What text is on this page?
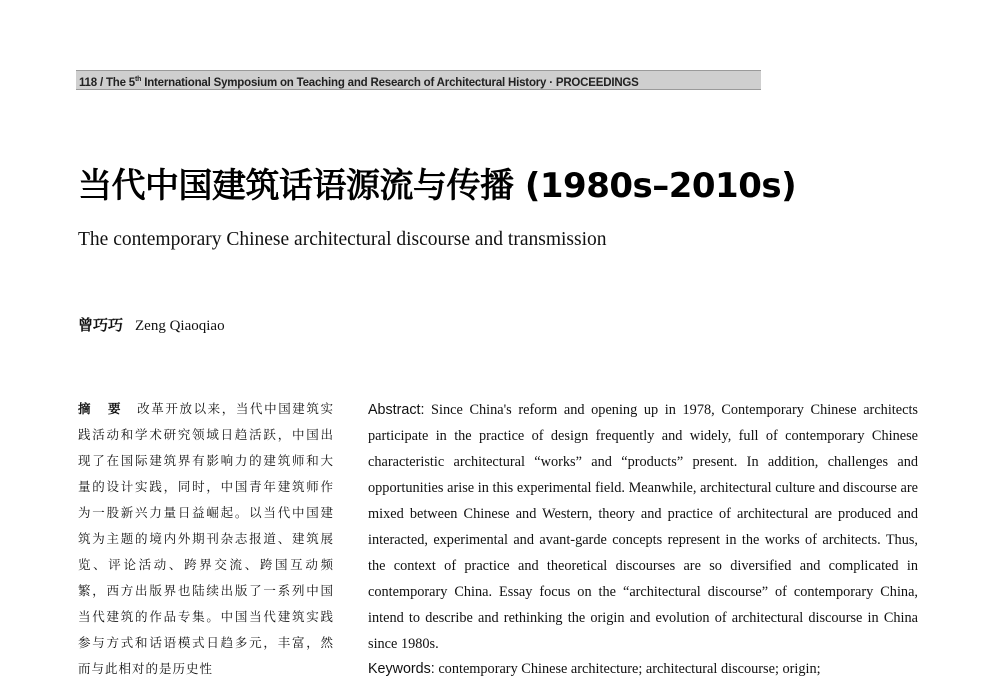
118 / The 5th International Symposium on Teaching and Research of Architectural History · PROCEEDINGS
当代中国建筑话语源流与传播 (1980s–2010s)
The contemporary Chinese architectural discourse and transmission
曾巧巧 Zeng Qiaoqiao
摘 要 改革开放以来，当代中国建筑实践活动和学术研究领域日趋活跃，中国出现了在国际建筑界有影响力的建筑师和大量的设计实践，同时，中国青年建筑师作为一股新兴力量日益崛起。以当代中国建筑为主题的境内外期刊杂志报道、建筑展览、评论活动、跨界交流、跨国互动频繁，西方出版界也陆续出版了一系列中国当代建筑的作品专集。中国当代建筑实践参与方式和话语模式日趋多元，丰富，然而与此相对的是历史性
Abstract: Since China's reform and opening up in 1978, Contemporary Chinese architects participate in the practice of design frequently and widely, full of contemporary Chinese characteristic architectural “works” and “products” present. In addition, challenges and opportunities arise in this experimental field. Meanwhile, architectural culture and discourse are mixed between Chinese and Western, theory and practice of architectural are produced and interacted, experimental and avant-garde concepts represent in the works of architects. Thus, the context of practice and theoretical discourses are so diversified and complicated in contemporary China. Essay focus on the “architectural discourse” of contemporary China, intend to describe and rethinking the origin and evolution of architectural discourse in China since 1980s.
Keywords: contemporary Chinese architecture; architectural discourse; origin;
